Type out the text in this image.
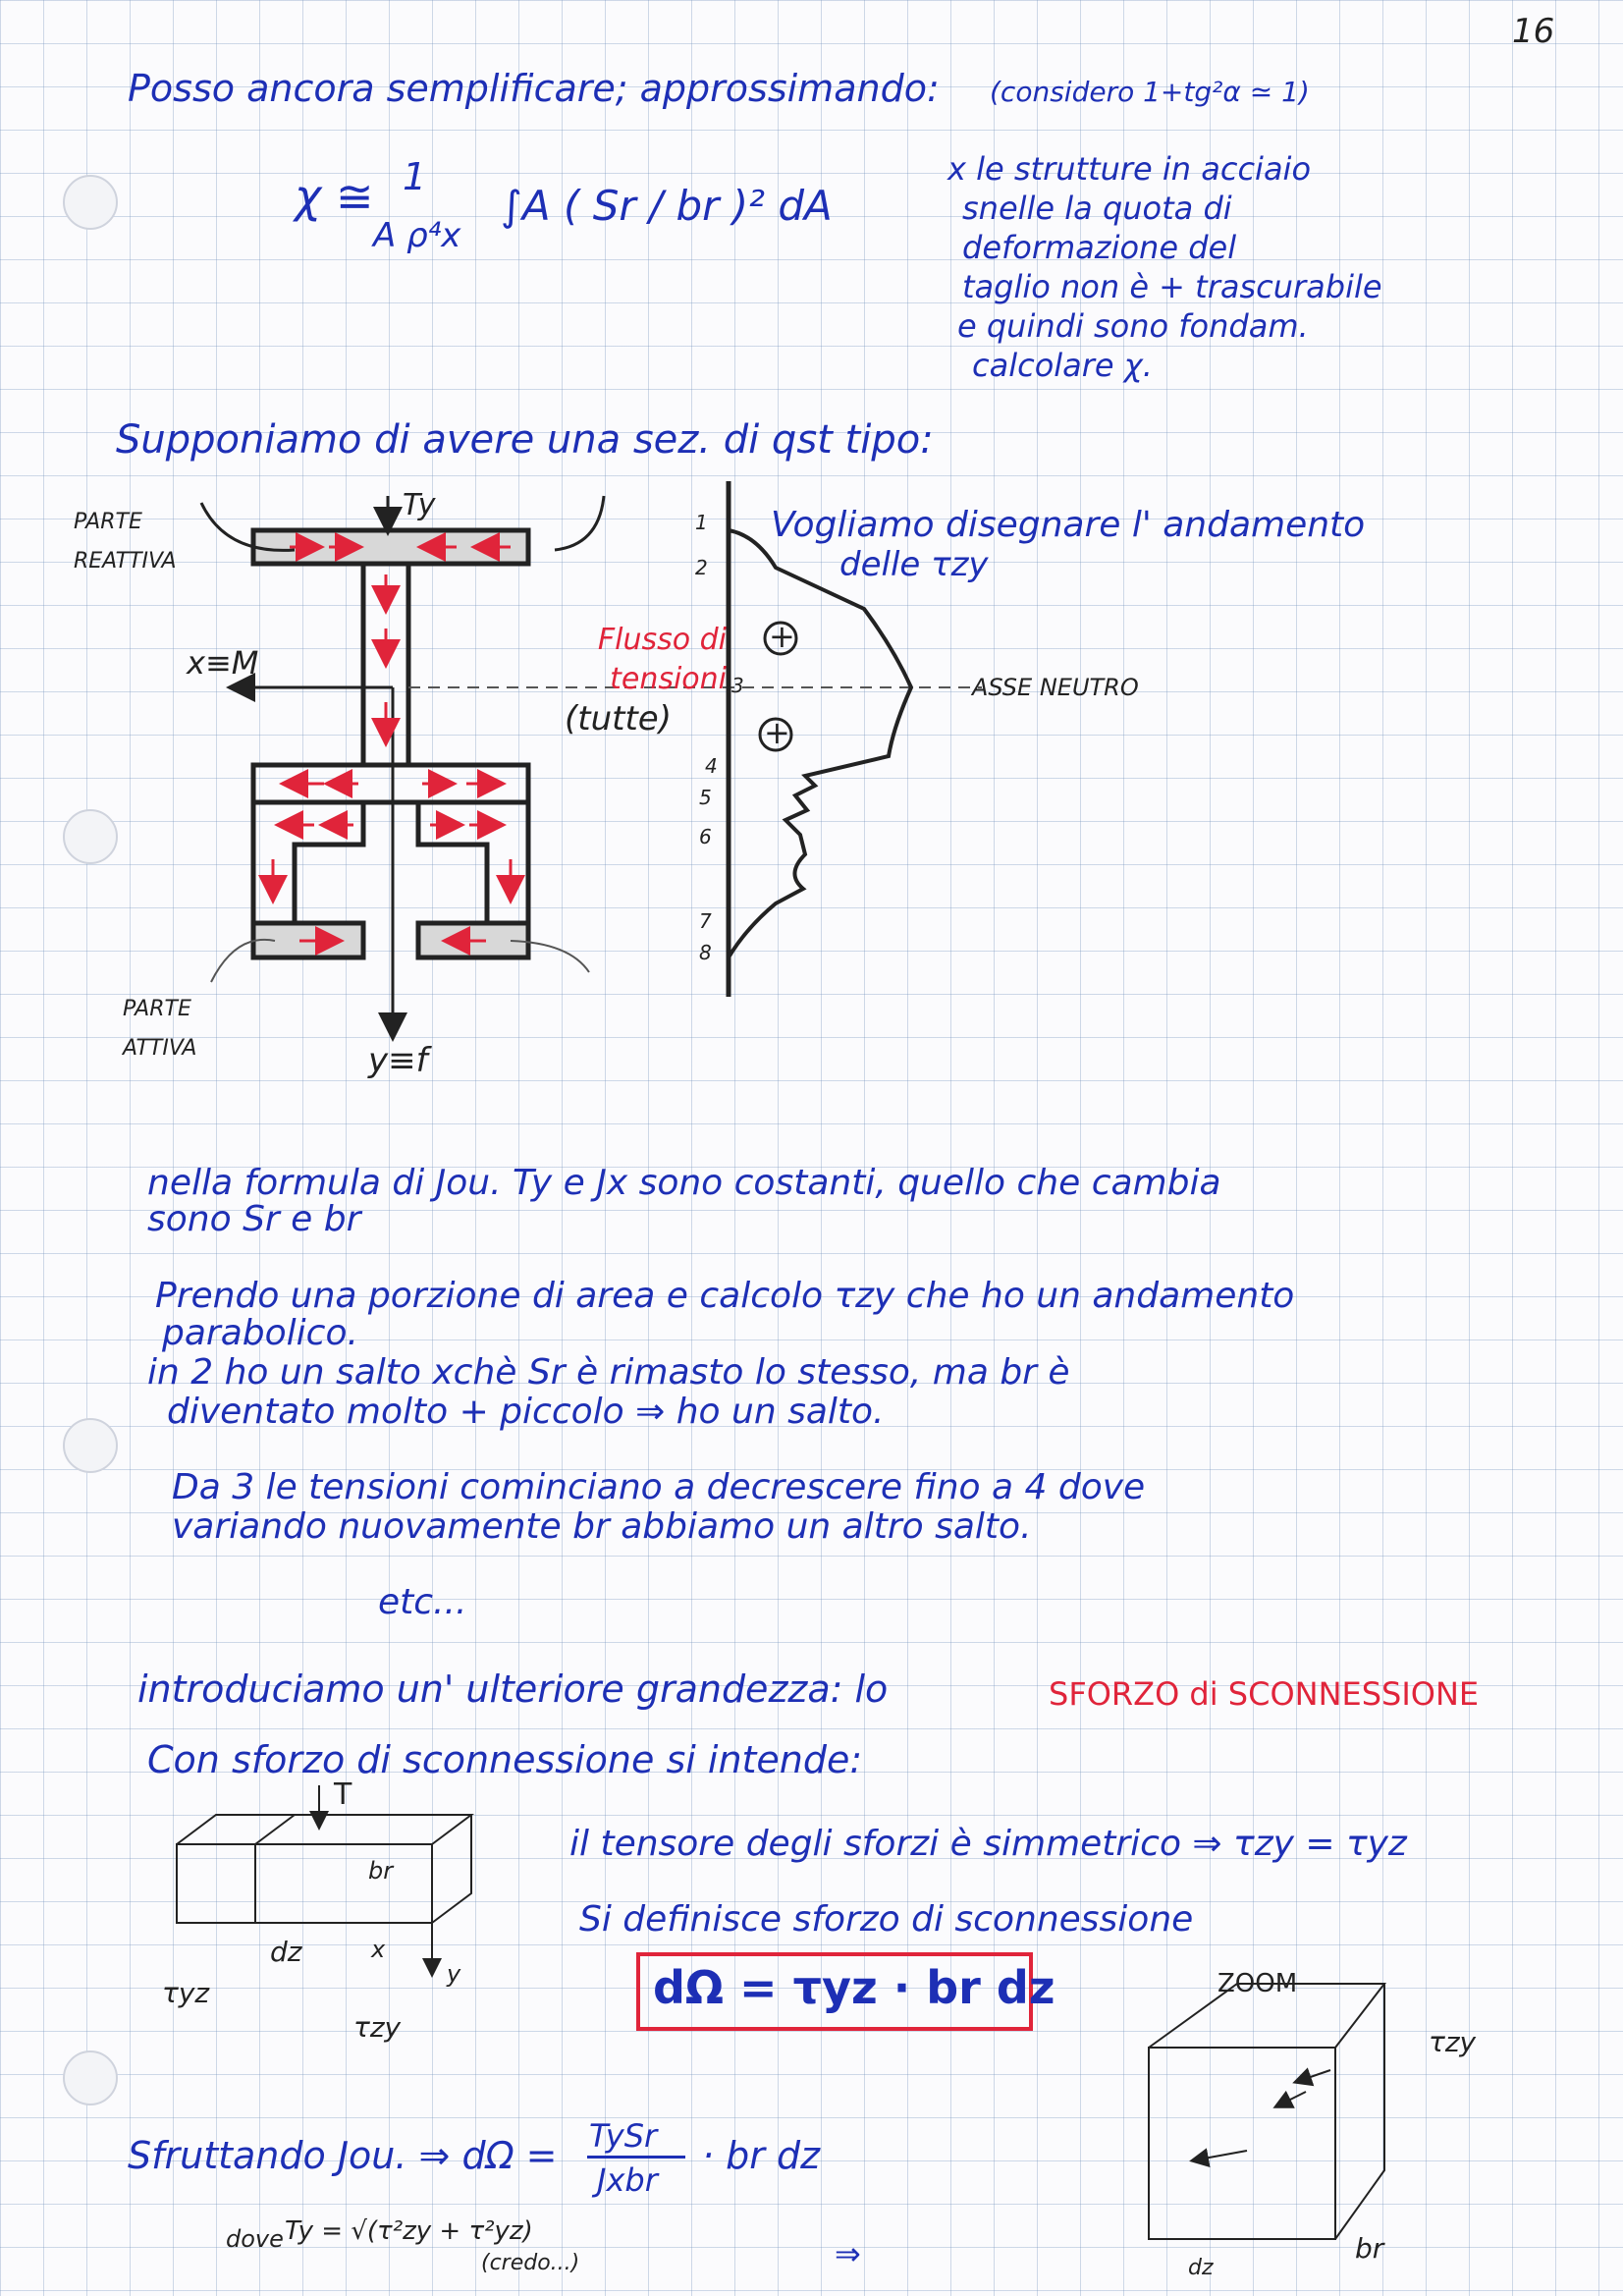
16
Posso ancora semplificare; approssimando: (considero 1+tg²α ≃ 1)
χ ≅ 1
A ρ⁴x
∫A ( Sr / br )² dA
x le strutture in acciaio
snelle la quota di
deformazione del
taglio non è + trascurabile
e quindi sono fondam.
calcolare χ.
Supponiamo di avere una sez. di qst tipo:
PARTE REATTIVA
PARTE ATTIVA
Ty
x≡M
y≡f
Flusso di tensioni
(tutte)
+
+
ASSE NEUTRO
1
2
3
4
5
6
7
8
Vogliamo disegnare l' andamento
delle τzy
nella formula di Jou. Ty e Jx sono costanti, quello che cambia
sono Sr e br
Prendo una porzione di area e calcolo τzy che ho un andamento
parabolico.
in 2 ho un salto xchè Sr è rimasto lo stesso, ma br è
diventato molto + piccolo ⇒ ho un salto.
Da 3 le tensioni cominciano a decrescere fino a 4 dove
variando nuovamente br abbiamo un altro salto.
etc...
introduciamo un' ulteriore grandezza: lo	SFORZO di SCONNESSIONE
Con sforzo di sconnessione si intende:
T
br
dz	x
y
τyz
τzy
il tensore degli sforzi è simmetrico ⇒ τzy = τyz
Si definisce sforzo di sconnessione
dΩ = τyz · br dz	ZOOM
τzy
dz
br
Sfruttando Jou. ⇒ dΩ = TySr
Jxbr
· br dz
dove Ty = √(τ²zy + τ²yz)
(credo...)	⇒
